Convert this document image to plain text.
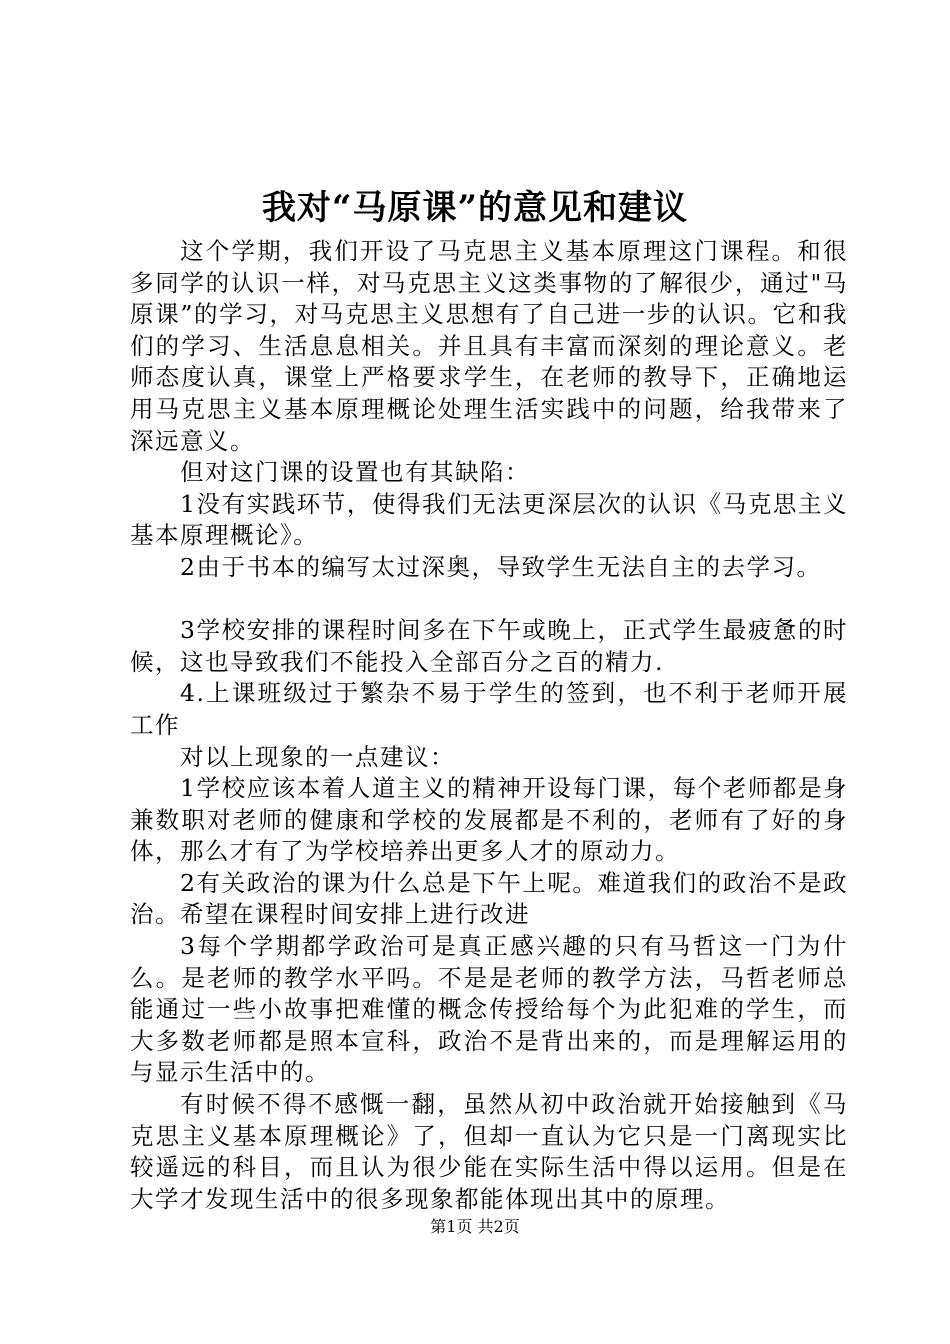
我对“马原课”的意见和建议

这个学期，我们开设了马克思主义基本原理这门课程。和很多同学的认识一样，对马克思主义这类事物的了解很少，通过"马原课”的学习，对马克思主义思想有了自己进一步的认识。它和我们的学习、生活息息相关。并且具有丰富而深刻的理论意义。老师态度认真，课堂上严格要求学生，在老师的教导下，正确地运用马克思主义基本原理概论处理生活实践中的问题，给我带来了深远意义。

但对这门课的设置也有其缺陷：

1没有实践环节，使得我们无法更深层次的认识《马克思主义基本原理概论》。

2由于书本的编写太过深奥，导致学生无法自主的去学习。

3学校安排的课程时间多在下午或晚上，正式学生最疲惫的时候，这也导致我们不能投入全部百分之百的精力.

4.上课班级过于繁杂不易于学生的签到，也不利于老师开展工作

对以上现象的一点建议：

1学校应该本着人道主义的精神开设每门课，每个老师都是身兼数职对老师的健康和学校的发展都是不利的，老师有了好的身体，那么才有了为学校培养出更多人才的原动力。

2有关政治的课为什么总是下午上呢。难道我们的政治不是政治。希望在课程时间安排上进行改进

3每个学期都学政治可是真正感兴趣的只有马哲这一门为什么。是老师的教学水平吗。不是是老师的教学方法，马哲老师总能通过一些小故事把难懂的概念传授给每个为此犯难的学生，而大多数老师都是照本宣科，政治不是背出来的，而是理解运用的与显示生活中的。

有时候不得不感慨一翻，虽然从初中政治就开始接触到《马克思主义基本原理概论》了，但却一直认为它只是一门离现实比较遥远的科目，而且认为很少能在实际生活中得以运用。但是在大学才发现生活中的很多现象都能体现出其中的原理。

第1页 共2页
